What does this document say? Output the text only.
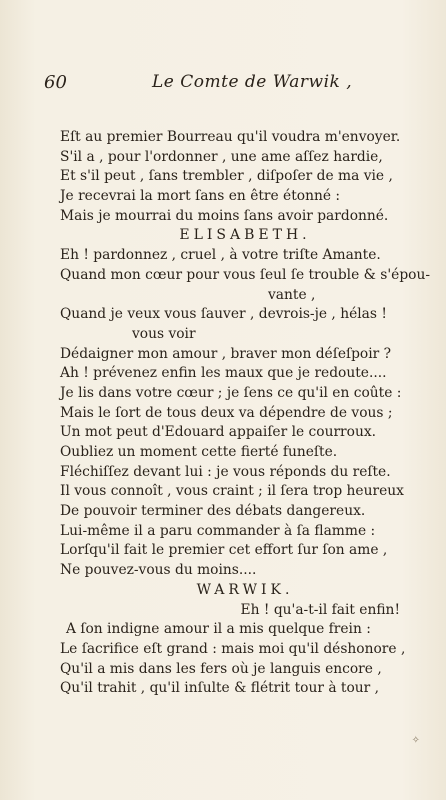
60	Le Comte de Warwik ,
Eſt au premier Bourreau qu'il voudra m'envoyer.
S'il a , pour l'ordonner , une ame aſſez hardie,
Et s'il peut , ſans trembler , diſpoſer de ma vie ,
Je recevrai la mort ſans en être étonné :
Mais je mourrai du moins ſans avoir pardonné.
ELISABETH.
Eh ! pardonnez , cruel , à votre triſte Amante.
Quand mon cœur pour vous ſeul ſe trouble & s'épou-
vante ,
Quand je veux vous ſauver , devrois-je , hélas !
vous voir
Dédaigner mon amour , braver mon déſeſpoir ?
Ah ! prévenez enfin les maux que je redoute....
Je lis dans votre cœur ; je ſens ce qu'il en coûte :
Mais le ſort de tous deux va dépendre de vous ;
Un mot peut d'Edouard appaiſer le courroux.
Oubliez un moment cette fierté funeſte.
Fléchiſſez devant lui : je vous réponds du reſte.
Il vous connoît , vous craint ; il ſera trop heureux
De pouvoir terminer des débats dangereux.
Lui-même il a paru commander à ſa flamme :
Lorſqu'il fait le premier cet effort ſur ſon ame ,
Ne pouvez-vous du moins....
WARWIK.
Eh ! qu'a-t-il fait enfin!
A ſon indigne amour il a mis quelque frein :
Le ſacrifice eſt grand : mais moi qu'il déshonore ,
Qu'il a mis dans les fers où je languis encore ,
Qu'il trahit , qu'il inſulte & flétrit tour à tour ,
✧
